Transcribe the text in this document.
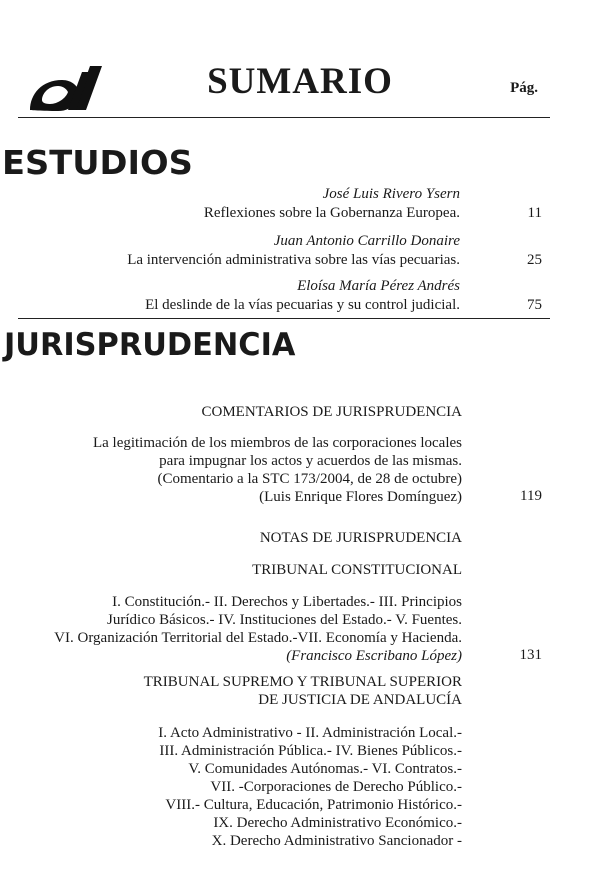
SUMARIO	Pág.
ESTUDIOS
José Luis Rivero Ysern
Reflexiones sobre la Gobernanza Europea.	11
Juan Antonio Carrillo Donaire
La intervención administrativa sobre las vías pecuarias.	25
Eloísa María Pérez Andrés
El deslinde de la vías pecuarias y su control judicial.	75
JURISPRUDENCIA
COMENTARIOS DE JURISPRUDENCIA
La legitimación de los miembros de las corporaciones locales
para impugnar los actos y acuerdos de las mismas.
(Comentario a la STC 173/2004, de 28 de octubre)
(Luis Enrique Flores Domínguez)	119
NOTAS DE JURISPRUDENCIA
TRIBUNAL CONSTITUCIONAL
I. Constitución.- II. Derechos y Libertades.- III. Principios
Jurídico Básicos.- IV. Instituciones del Estado.- V. Fuentes.
VI. Organización Territorial del Estado.-VII. Economía y Hacienda.
(Francisco Escribano López)	131
TRIBUNAL SUPREMO Y TRIBUNAL SUPERIOR
DE JUSTICIA DE ANDALUCÍA
I. Acto Administrativo - II. Administración Local.-
III. Administración Pública.- IV. Bienes Públicos.-
V. Comunidades Autónomas.- VI. Contratos.-
VII. -Corporaciones de Derecho Público.-
VIII.- Cultura, Educación, Patrimonio Histórico.-
IX. Derecho Administrativo Económico.-
X. Derecho Administrativo Sancionador -
